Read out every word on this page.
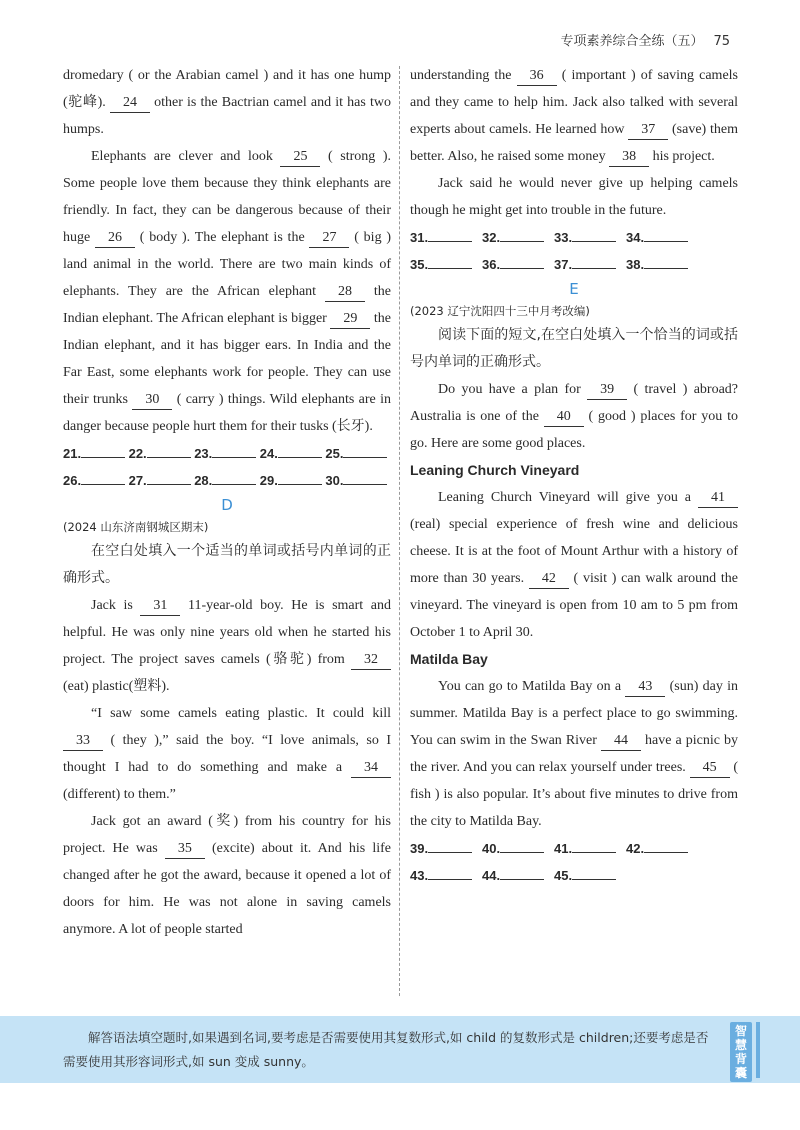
专项素养综合全练（五） 75

dromedary ( or the Arabian camel ) and it has one hump (驼峰). 24 other is the Bactrian camel and it has two humps.

Elephants are clever and look 25 ( strong ). Some people love them because they think elephants are friendly. In fact, they can be dangerous because of their huge 26 ( body ). The elephant is the 27 ( big ) land animal in the world. There are two main kinds of elephants. They are the African elephant 28 the Indian elephant. The African elephant is bigger 29 the Indian elephant, and it has bigger ears. In India and the Far East, some elephants work for people. They can use their trunks 30 ( carry ) things. Wild elephants are in danger because people hurt them for their tusks (长牙).

21.	22.	23.	24.	25.
26.	27.	28.	29.	30.
D
(2024 山东济南钢城区期末)

在空白处填入一个适当的单词或括号内单词的正确形式。

Jack is 31 11-year-old boy. He is smart and helpful. He was only nine years old when he started his project. The project saves camels (骆驼) from 32 (eat) plastic(塑料).

“I saw some camels eating plastic. It could kill 33 ( they ),” said the boy. “I love animals, so I thought I had to do something and make a 34 (different) to them.”

Jack got an award (奖) from his country for his project. He was 35 (excite) about it. And his life changed after he got the award, because it opened a lot of doors for him. He was not alone in saving camels anymore. A lot of people started

understanding the 36 ( important ) of saving camels and they came to help him. Jack also talked with several experts about camels. He learned how 37 (save) them better. Also, he raised some money 38 his project.

Jack said he would never give up helping camels though he might get into trouble in the future.

31.	32.	33.	34.
35.	36.	37.	38.
E
(2023 辽宁沈阳四十三中月考改编)

阅读下面的短文,在空白处填入一个恰当的词或括号内单词的正确形式。

Do you have a plan for 39 ( travel ) abroad? Australia is one of the 40 ( good ) places for you to go. Here are some good places.

Leaning Church Vineyard

Leaning Church Vineyard will give you a 41 (real) special experience of fresh wine and delicious cheese. It is at the foot of Mount Arthur with a history of more than 30 years. 42 ( visit ) can walk around the vineyard. The vineyard is open from 10 am to 5 pm from October 1 to April 30.

Matilda Bay

You can go to Matilda Bay on a 43 (sun) day in summer. Matilda Bay is a perfect place to go swimming. You can swim in the Swan River 44 have a picnic by the river. And you can relax yourself under trees. 45 ( fish ) is also popular. It’s about five minutes to drive from the city to Matilda Bay.

39.	40.	41.	42.
43.	44.	45.

解答语法填空题时,如果遇到名词,要考虑是否需要使用其复数形式,如 child 的复数形式是 children;还要考虑是否需要使用其形容词形式,如 sun 变成 sunny。

智慧背囊
